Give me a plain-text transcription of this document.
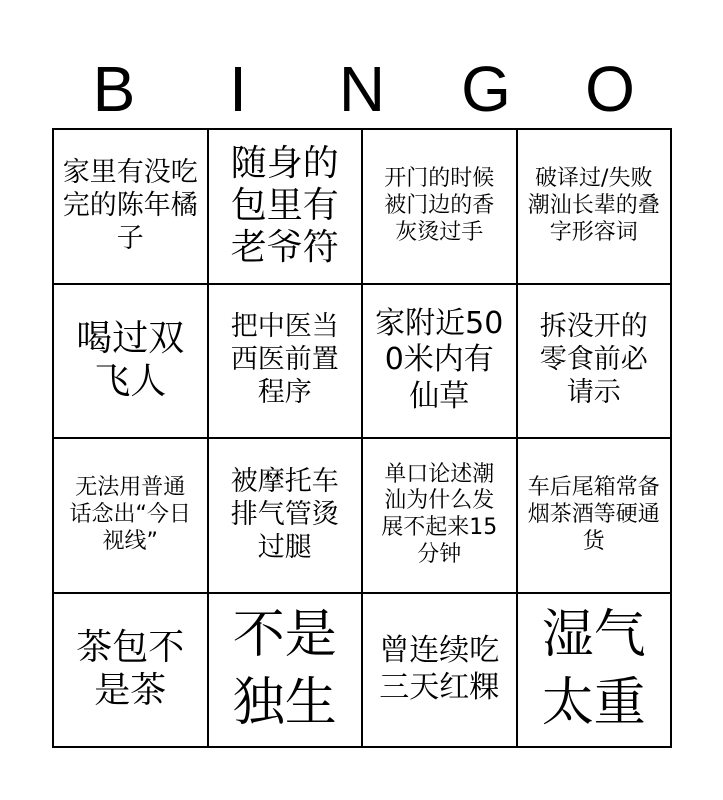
B	I	N	G	O
家里有没吃完的陈年橘子
随身的包里有老爷符
开门的时候被门边的香灰烫过手
破译过/失败潮汕长辈的叠字形容词
喝过双飞人
把中医当西医前置程序
家附近500米内有仙草
拆没开的零食前必请示
无法用普通话念出“今日视线”
被摩托车排气管烫过腿
单口论述潮汕为什么发展不起来15分钟
车后尾箱常备烟茶酒等硬通货
茶包不是茶
不是独生
曾连续吃三天红粿
湿气太重
